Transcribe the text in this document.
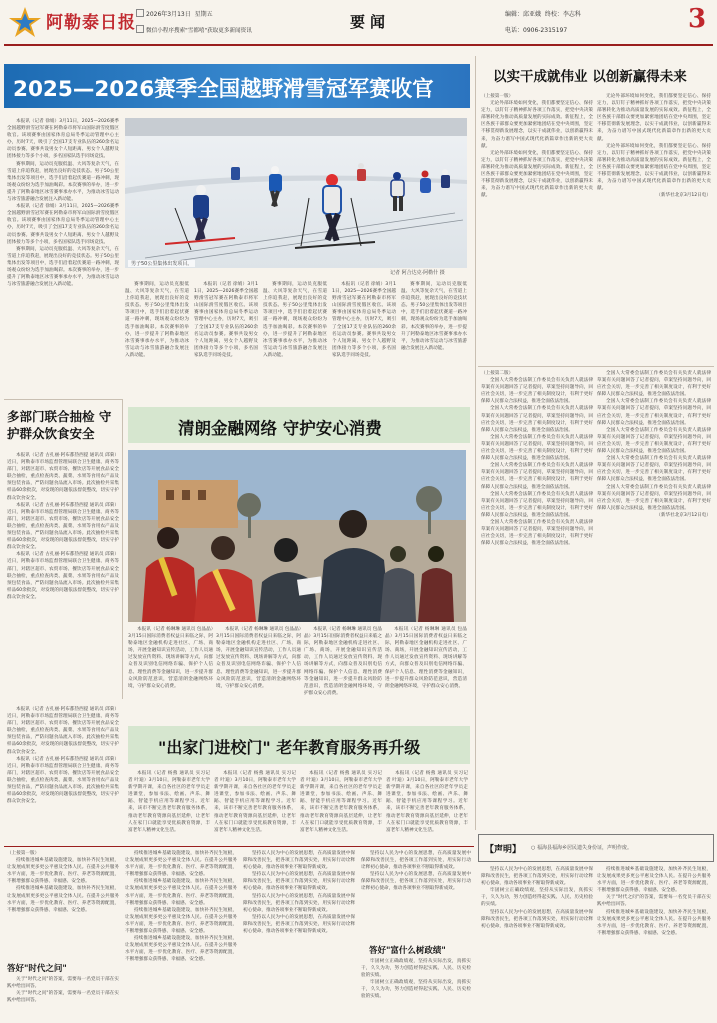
阿勒泰日报	2026年3月13日 星期五
微信小程序搜索"雪都嘻"获取更多新闻资讯	要闻	编辑：邱亚娥 终校：李志科
电话：0906-2315197	3
2025—2026赛季全国越野滑雪冠军赛收官

本报讯（记者 徐娟）3月11日，2025—2026赛季全国越野滑雪冠军赛在阿勒泰市将军山国际滑雪度假区收官。该项赛事由国家体育总局冬季运动管理中心主办，历时7天，吸引了全国17支专业队伍的260余名运动员参赛。赛事共设男女个人短距离、男女个人越野及团体接力等多个小项，多名国家队选手同场竞技。

赛事期间，运动员克服低温、大风等复杂天气，在雪道上你追我赶，展现出良好的竞技状态。男子50公里集体出发等项目中，选手们沿着起伏赛道一路冲刺，现场观众纷纷为选手加油喝彩。本次赛事的举办，进一步提升了阿勒泰地区冰雪赛事承办水平，为推动冰雪运动与冰雪旅游融合发展注入新动能。

本报讯（记者 徐娟）3月11日，2025—2026赛季全国越野滑雪冠军赛在阿勒泰市将军山国际滑雪度假区收官。该项赛事由国家体育总局冬季运动管理中心主办，历时7天，吸引了全国17支专业队伍的260余名运动员参赛。赛事共设男女个人短距离、男女个人越野及团体接力等多个小项，多名国家队选手同场竞技。

赛事期间，运动员克服低温、大风等复杂天气，在雪道上你追我赶，展现出良好的竞技状态。男子50公里集体出发等项目中，选手们沿着起伏赛道一路冲刺，现场观众纷纷为选手加油喝彩。本次赛事的举办，进一步提升了阿勒泰地区冰雪赛事承办水平，为推动冰雪运动与冰雪旅游融合发展注入新动能。

男子50公里集体出发项目。
记者 阿合达克·阿勒什 摄

赛事期间，运动员克服低温、大风等复杂天气，在雪道上你追我赶，展现出良好的竞技状态。男子50公里集体出发等项目中，选手们沿着起伏赛道一路冲刺，现场观众纷纷为选手加油喝彩。本次赛事的举办，进一步提升了阿勒泰地区冰雪赛事承办水平，为推动冰雪运动与冰雪旅游融合发展注入新动能。

本报讯（记者 徐娟）3月11日，2025—2026赛季全国越野滑雪冠军赛在阿勒泰市将军山国际滑雪度假区收官。该项赛事由国家体育总局冬季运动管理中心主办，历时7天，吸引了全国17支专业队伍的260余名运动员参赛。赛事共设男女个人短距离、男女个人越野及团体接力等多个小项，多名国家队选手同场竞技。

赛事期间，运动员克服低温、大风等复杂天气，在雪道上你追我赶，展现出良好的竞技状态。男子50公里集体出发等项目中，选手们沿着起伏赛道一路冲刺，现场观众纷纷为选手加油喝彩。本次赛事的举办，进一步提升了阿勒泰地区冰雪赛事承办水平，为推动冰雪运动与冰雪旅游融合发展注入新动能。

本报讯（记者 徐娟）3月11日，2025—2026赛季全国越野滑雪冠军赛在阿勒泰市将军山国际滑雪度假区收官。该项赛事由国家体育总局冬季运动管理中心主办，历时7天，吸引了全国17支专业队伍的260余名运动员参赛。赛事共设男女个人短距离、男女个人越野及团体接力等多个小项，多名国家队选手同场竞技。

赛事期间，运动员克服低温、大风等复杂天气，在雪道上你追我赶，展现出良好的竞技状态。男子50公里集体出发等项目中，选手们沿着起伏赛道一路冲刺，现场观众纷纷为选手加油喝彩。本次赛事的举办，进一步提升了阿勒泰地区冰雪赛事承办水平，为推动冰雪运动与冰雪旅游融合发展注入新动能。

以实干成就伟业 以创新赢得未来

（上接第一版）

无论外部环境如何变化，我们都要坚定信心、保持定力，以钉钉子精神抓好各项工作落实，把党中央决策部署转化为推动高质量发展的实际成效。新征程上，全区各族干部群众要更加紧密地团结在党中央周围，坚定不移贯彻新发展理念，以实干成就伟业，以创新赢得未来，为奋力谱写中国式现代化新篇章作出新的更大贡献。

无论外部环境如何变化，我们都要坚定信心、保持定力，以钉钉子精神抓好各项工作落实，把党中央决策部署转化为推动高质量发展的实际成效。新征程上，全区各族干部群众要更加紧密地团结在党中央周围，坚定不移贯彻新发展理念，以实干成就伟业，以创新赢得未来，为奋力谱写中国式现代化新篇章作出新的更大贡献。

无论外部环境如何变化，我们都要坚定信心、保持定力，以钉钉子精神抓好各项工作落实，把党中央决策部署转化为推动高质量发展的实际成效。新征程上，全区各族干部群众要更加紧密地团结在党中央周围，坚定不移贯彻新发展理念，以实干成就伟业，以创新赢得未来，为奋力谱写中国式现代化新篇章作出新的更大贡献。

无论外部环境如何变化，我们都要坚定信心、保持定力，以钉钉子精神抓好各项工作落实，把党中央决策部署转化为推动高质量发展的实际成效。新征程上，全区各族干部群众要更加紧密地团结在党中央周围，坚定不移贯彻新发展理念，以实干成就伟业，以创新赢得未来，为奋力谱写中国式现代化新篇章作出新的更大贡献。

（新华社北京3月12日电）

多部门联合抽检 守护群众饮食安全

本报讯（记者 古扎丽·阿布都热西提 通讯员 邱菊）近日，阿勒泰市市场监督管理局联合卫生健康、商务等部门，对辖区超市、农贸市场、餐饮店等开展食品安全联合抽检，重点检查肉类、蔬菜、水果等食用农产品及预包装食品，严防问题食品流入市场。此次抽检共采集样品60余批次，对发现的问题依法督促整改，切实守护群众饮食安全。

本报讯（记者 古扎丽·阿布都热西提 通讯员 邱菊）近日，阿勒泰市市场监督管理局联合卫生健康、商务等部门，对辖区超市、农贸市场、餐饮店等开展食品安全联合抽检，重点检查肉类、蔬菜、水果等食用农产品及预包装食品，严防问题食品流入市场。此次抽检共采集样品60余批次，对发现的问题依法督促整改，切实守护群众饮食安全。

本报讯（记者 古扎丽·阿布都热西提 通讯员 邱菊）近日，阿勒泰市市场监督管理局联合卫生健康、商务等部门，对辖区超市、农贸市场、餐饮店等开展食品安全联合抽检，重点检查肉类、蔬菜、水果等食用农产品及预包装食品，严防问题食品流入市场。此次抽检共采集样品60余批次，对发现的问题依法督促整改，切实守护群众饮食安全。

清朗金融网络 守护安心消费

本报讯（记者 杨琳琳 通讯员 包晶晶）3月15日国际消费者权益日来临之际，阿勒泰地区金融机构走进社区、广场、商场，开展金融知识宣传活动，工作人员通过发放宣传资料、现场讲解等方式，向群众普及识别电信网络诈骗、保护个人信息、理性消费等金融知识，进一步提升群众风险防范意识，营造清朗金融网络环境，守护群众安心消费。

本报讯（记者 杨琳琳 通讯员 包晶晶）3月15日国际消费者权益日来临之际，阿勒泰地区金融机构走进社区、广场、商场，开展金融知识宣传活动，工作人员通过发放宣传资料、现场讲解等方式，向群众普及识别电信网络诈骗、保护个人信息、理性消费等金融知识，进一步提升群众风险防范意识，营造清朗金融网络环境，守护群众安心消费。

本报讯（记者 杨琳琳 通讯员 包晶晶）3月15日国际消费者权益日来临之际，阿勒泰地区金融机构走进社区、广场、商场，开展金融知识宣传活动，工作人员通过发放宣传资料、现场讲解等方式，向群众普及识别电信网络诈骗、保护个人信息、理性消费等金融知识，进一步提升群众风险防范意识，营造清朗金融网络环境，守护群众安心消费。

本报讯（记者 杨琳琳 通讯员 包晶晶）3月15日国际消费者权益日来临之际，阿勒泰地区金融机构走进社区、广场、商场，开展金融知识宣传活动，工作人员通过发放宣传资料、现场讲解等方式，向群众普及识别电信网络诈骗、保护个人信息、理性消费等金融知识，进一步提升群众风险防范意识，营造清朗金融网络环境，守护群众安心消费。

（上接第二版）

全国人大常委会法制工作委员会有关负责人就法律草案有关问题回答了记者提问，草案坚持问题导向，回应社会关切，进一步完善了相关制度设计，有利于更好保障人民群众合法权益，推进全面依法治国。

全国人大常委会法制工作委员会有关负责人就法律草案有关问题回答了记者提问，草案坚持问题导向，回应社会关切，进一步完善了相关制度设计，有利于更好保障人民群众合法权益，推进全面依法治国。

全国人大常委会法制工作委员会有关负责人就法律草案有关问题回答了记者提问，草案坚持问题导向，回应社会关切，进一步完善了相关制度设计，有利于更好保障人民群众合法权益，推进全面依法治国。

全国人大常委会法制工作委员会有关负责人就法律草案有关问题回答了记者提问，草案坚持问题导向，回应社会关切，进一步完善了相关制度设计，有利于更好保障人民群众合法权益，推进全面依法治国。

全国人大常委会法制工作委员会有关负责人就法律草案有关问题回答了记者提问，草案坚持问题导向，回应社会关切，进一步完善了相关制度设计，有利于更好保障人民群众合法权益，推进全面依法治国。

全国人大常委会法制工作委员会有关负责人就法律草案有关问题回答了记者提问，草案坚持问题导向，回应社会关切，进一步完善了相关制度设计，有利于更好保障人民群众合法权益，推进全面依法治国。

全国人大常委会法制工作委员会有关负责人就法律草案有关问题回答了记者提问，草案坚持问题导向，回应社会关切，进一步完善了相关制度设计，有利于更好保障人民群众合法权益，推进全面依法治国。

全国人大常委会法制工作委员会有关负责人就法律草案有关问题回答了记者提问，草案坚持问题导向，回应社会关切，进一步完善了相关制度设计，有利于更好保障人民群众合法权益，推进全面依法治国。

全国人大常委会法制工作委员会有关负责人就法律草案有关问题回答了记者提问，草案坚持问题导向，回应社会关切，进一步完善了相关制度设计，有利于更好保障人民群众合法权益，推进全面依法治国。

全国人大常委会法制工作委员会有关负责人就法律草案有关问题回答了记者提问，草案坚持问题导向，回应社会关切，进一步完善了相关制度设计，有利于更好保障人民群众合法权益，推进全面依法治国。

全国人大常委会法制工作委员会有关负责人就法律草案有关问题回答了记者提问，草案坚持问题导向，回应社会关切，进一步完善了相关制度设计，有利于更好保障人民群众合法权益，推进全面依法治国。

（新华社北京3月12日电）

【声明】 ○ 福海县福海乡居民遗失身份证，声明作废。
"出家门进校门" 老年教育服务再升级

本报讯（记者 杨燕 通讯员 实习记者 叶迪）3月10日，阿勒泰市老年大学新学期开课，来自各社区的老年学员走进课堂，参加书法、绘画、声乐、舞蹈、智能手机应用等课程学习。近年来，该市不断完善老年教育服务体系，推动老年教育资源向基层延伸，让老年人在家门口就能享受优质教育资源，丰富老年人精神文化生活。

本报讯（记者 杨燕 通讯员 实习记者 叶迪）3月10日，阿勒泰市老年大学新学期开课，来自各社区的老年学员走进课堂，参加书法、绘画、声乐、舞蹈、智能手机应用等课程学习。近年来，该市不断完善老年教育服务体系，推动老年教育资源向基层延伸，让老年人在家门口就能享受优质教育资源，丰富老年人精神文化生活。

本报讯（记者 杨燕 通讯员 实习记者 叶迪）3月10日，阿勒泰市老年大学新学期开课，来自各社区的老年学员走进课堂，参加书法、绘画、声乐、舞蹈、智能手机应用等课程学习。近年来，该市不断完善老年教育服务体系，推动老年教育资源向基层延伸，让老年人在家门口就能享受优质教育资源，丰富老年人精神文化生活。

本报讯（记者 杨燕 通讯员 实习记者 叶迪）3月10日，阿勒泰市老年大学新学期开课，来自各社区的老年学员走进课堂，参加书法、绘画、声乐、舞蹈、智能手机应用等课程学习。近年来，该市不断完善老年教育服务体系，推动老年教育资源向基层延伸，让老年人在家门口就能享受优质教育资源，丰富老年人精神文化生活。

本报讯（记者 古扎丽·阿布都热西提 通讯员 邱菊）近日，阿勒泰市市场监督管理局联合卫生健康、商务等部门，对辖区超市、农贸市场、餐饮店等开展食品安全联合抽检，重点检查肉类、蔬菜、水果等食用农产品及预包装食品，严防问题食品流入市场。此次抽检共采集样品60余批次，对发现的问题依法督促整改，切实守护群众饮食安全。

本报讯（记者 古扎丽·阿布都热西提 通讯员 邱菊）近日，阿勒泰市市场监督管理局联合卫生健康、商务等部门，对辖区超市、农贸市场、餐饮店等开展食品安全联合抽检，重点检查肉类、蔬菜、水果等食用农产品及预包装食品，严防问题食品流入市场。此次抽检共采集样品60余批次，对发现的问题依法督促整改，切实守护群众饮食安全。

（上接第一版）

持续推进城乡基础设施建设，加快补齐民生短板，让发展成果更多更公平惠及全体人民。在提升公共服务水平方面，进一步优化教育、医疗、养老等资源配置，不断增强群众获得感、幸福感、安全感。

持续推进城乡基础设施建设，加快补齐民生短板，让发展成果更多更公平惠及全体人民。在提升公共服务水平方面，进一步优化教育、医疗、养老等资源配置，不断增强群众获得感、幸福感、安全感。

答好"时代之问"

关于"时代之问"的答案，需要每一名党员干部在实践中给出回答。

关于"时代之问"的答案，需要每一名党员干部在实践中给出回答。

持续推进城乡基础设施建设，加快补齐民生短板，让发展成果更多更公平惠及全体人民。在提升公共服务水平方面，进一步优化教育、医疗、养老等资源配置，不断增强群众获得感、幸福感、安全感。

持续推进城乡基础设施建设，加快补齐民生短板，让发展成果更多更公平惠及全体人民。在提升公共服务水平方面，进一步优化教育、医疗、养老等资源配置，不断增强群众获得感、幸福感、安全感。

持续推进城乡基础设施建设，加快补齐民生短板，让发展成果更多更公平惠及全体人民。在提升公共服务水平方面，进一步优化教育、医疗、养老等资源配置，不断增强群众获得感、幸福感、安全感。

持续推进城乡基础设施建设，加快补齐民生短板，让发展成果更多更公平惠及全体人民。在提升公共服务水平方面，进一步优化教育、医疗、养老等资源配置，不断增强群众获得感、幸福感、安全感。

坚持以人民为中心的发展思想，在高质量发展中保障和改善民生，把各项工作落到实处，用实际行动诠释初心使命，推动各项事业不断取得新成效。

坚持以人民为中心的发展思想，在高质量发展中保障和改善民生，把各项工作落到实处，用实际行动诠释初心使命，推动各项事业不断取得新成效。

坚持以人民为中心的发展思想，在高质量发展中保障和改善民生，把各项工作落到实处，用实际行动诠释初心使命，推动各项事业不断取得新成效。

坚持以人民为中心的发展思想，在高质量发展中保障和改善民生，把各项工作落到实处，用实际行动诠释初心使命，推动各项事业不断取得新成效。

坚持以人民为中心的发展思想，在高质量发展中保障和改善民生，把各项工作落到实处，用实际行动诠释初心使命，推动各项事业不断取得新成效。

坚持以人民为中心的发展思想，在高质量发展中保障和改善民生，把各项工作落到实处，用实际行动诠释初心使命，推动各项事业不断取得新成效。

答好"富什么树政绩"

牢固树立正确政绩观，坚持从实际出发，真抓实干，久久为功，努力创造经得起实践、人民、历史检验的实绩。

牢固树立正确政绩观，坚持从实际出发，真抓实干，久久为功，努力创造经得起实践、人民、历史检验的实绩。

坚持以人民为中心的发展思想，在高质量发展中保障和改善民生，把各项工作落到实处，用实际行动诠释初心使命，推动各项事业不断取得新成效。

牢固树立正确政绩观，坚持从实际出发，真抓实干，久久为功，努力创造经得起实践、人民、历史检验的实绩。

坚持以人民为中心的发展思想，在高质量发展中保障和改善民生，把各项工作落到实处，用实际行动诠释初心使命，推动各项事业不断取得新成效。

持续推进城乡基础设施建设，加快补齐民生短板，让发展成果更多更公平惠及全体人民。在提升公共服务水平方面，进一步优化教育、医疗、养老等资源配置，不断增强群众获得感、幸福感、安全感。

关于"时代之问"的答案，需要每一名党员干部在实践中给出回答。

持续推进城乡基础设施建设，加快补齐民生短板，让发展成果更多更公平惠及全体人民。在提升公共服务水平方面，进一步优化教育、医疗、养老等资源配置，不断增强群众获得感、幸福感、安全感。
